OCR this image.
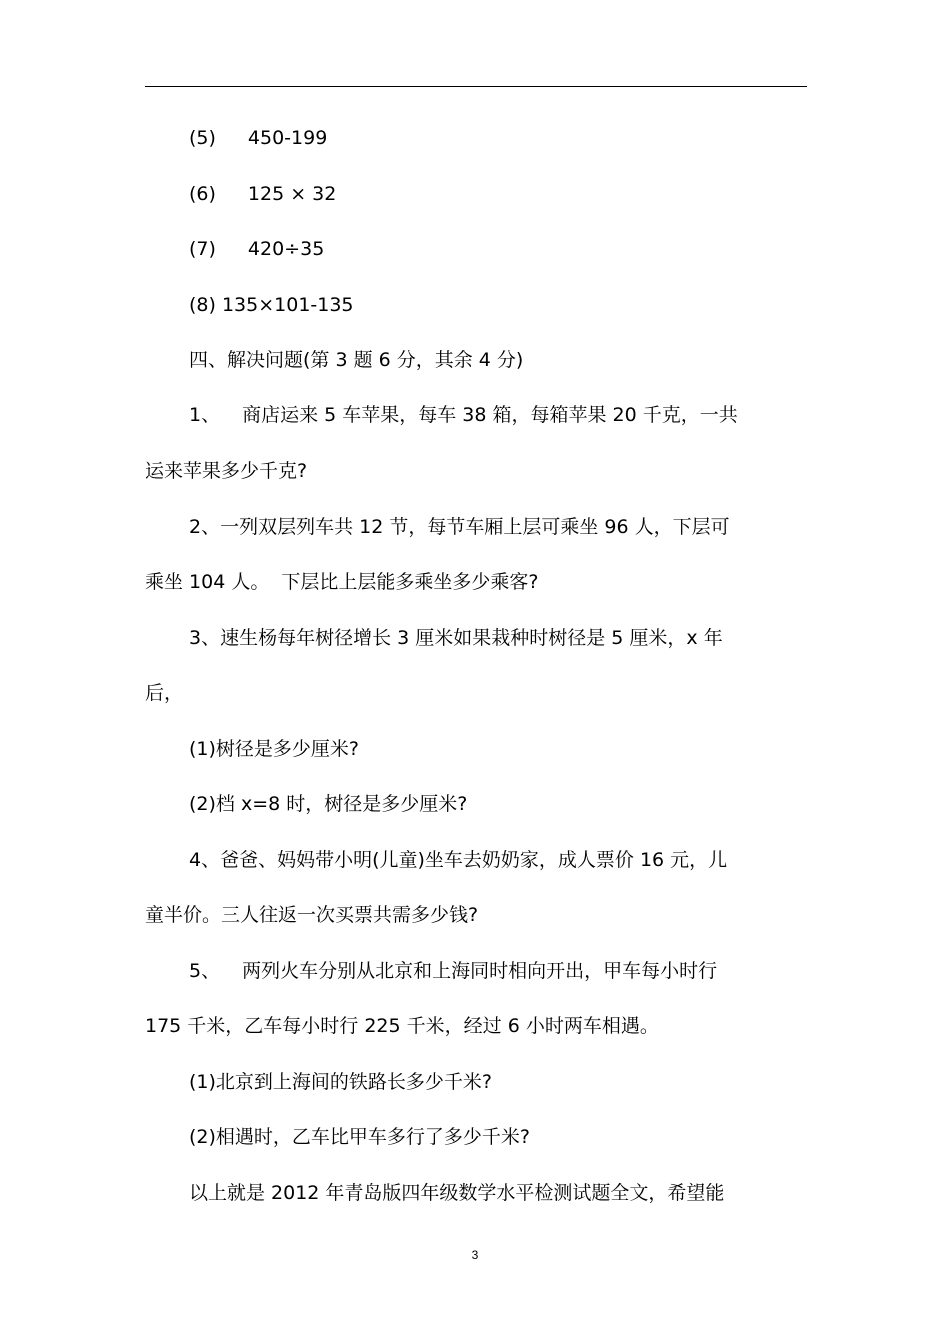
(5) 450-199
(6) 125 × 32
(7) 420÷35
(8) 135×101-135
四、解决问题(第 3 题 6 分，其余 4 分)
1、 商店运来 5 车苹果，每车 38 箱，每箱苹果 20 千克，一共
运来苹果多少千克?
2、一列双层列车共 12 节，每节车厢上层可乘坐 96 人，下层可
乘坐 104 人。 下层比上层能多乘坐多少乘客?
3、速生杨每年树径增长 3 厘米如果栽种时树径是 5 厘米，x 年
后，
(1)树径是多少厘米?
(2)档 x=8 时，树径是多少厘米?
4、爸爸、妈妈带小明(儿童)坐车去奶奶家，成人票价 16 元，儿
童半价。三人往返一次买票共需多少钱?
5、 两列火车分别从北京和上海同时相向开出，甲车每小时行
175 千米，乙车每小时行 225 千米，经过 6 小时两车相遇。
(1)北京到上海间的铁路长多少千米?
(2)相遇时，乙车比甲车多行了多少千米?
以上就是 2012 年青岛版四年级数学水平检测试题全文，希望能
3
